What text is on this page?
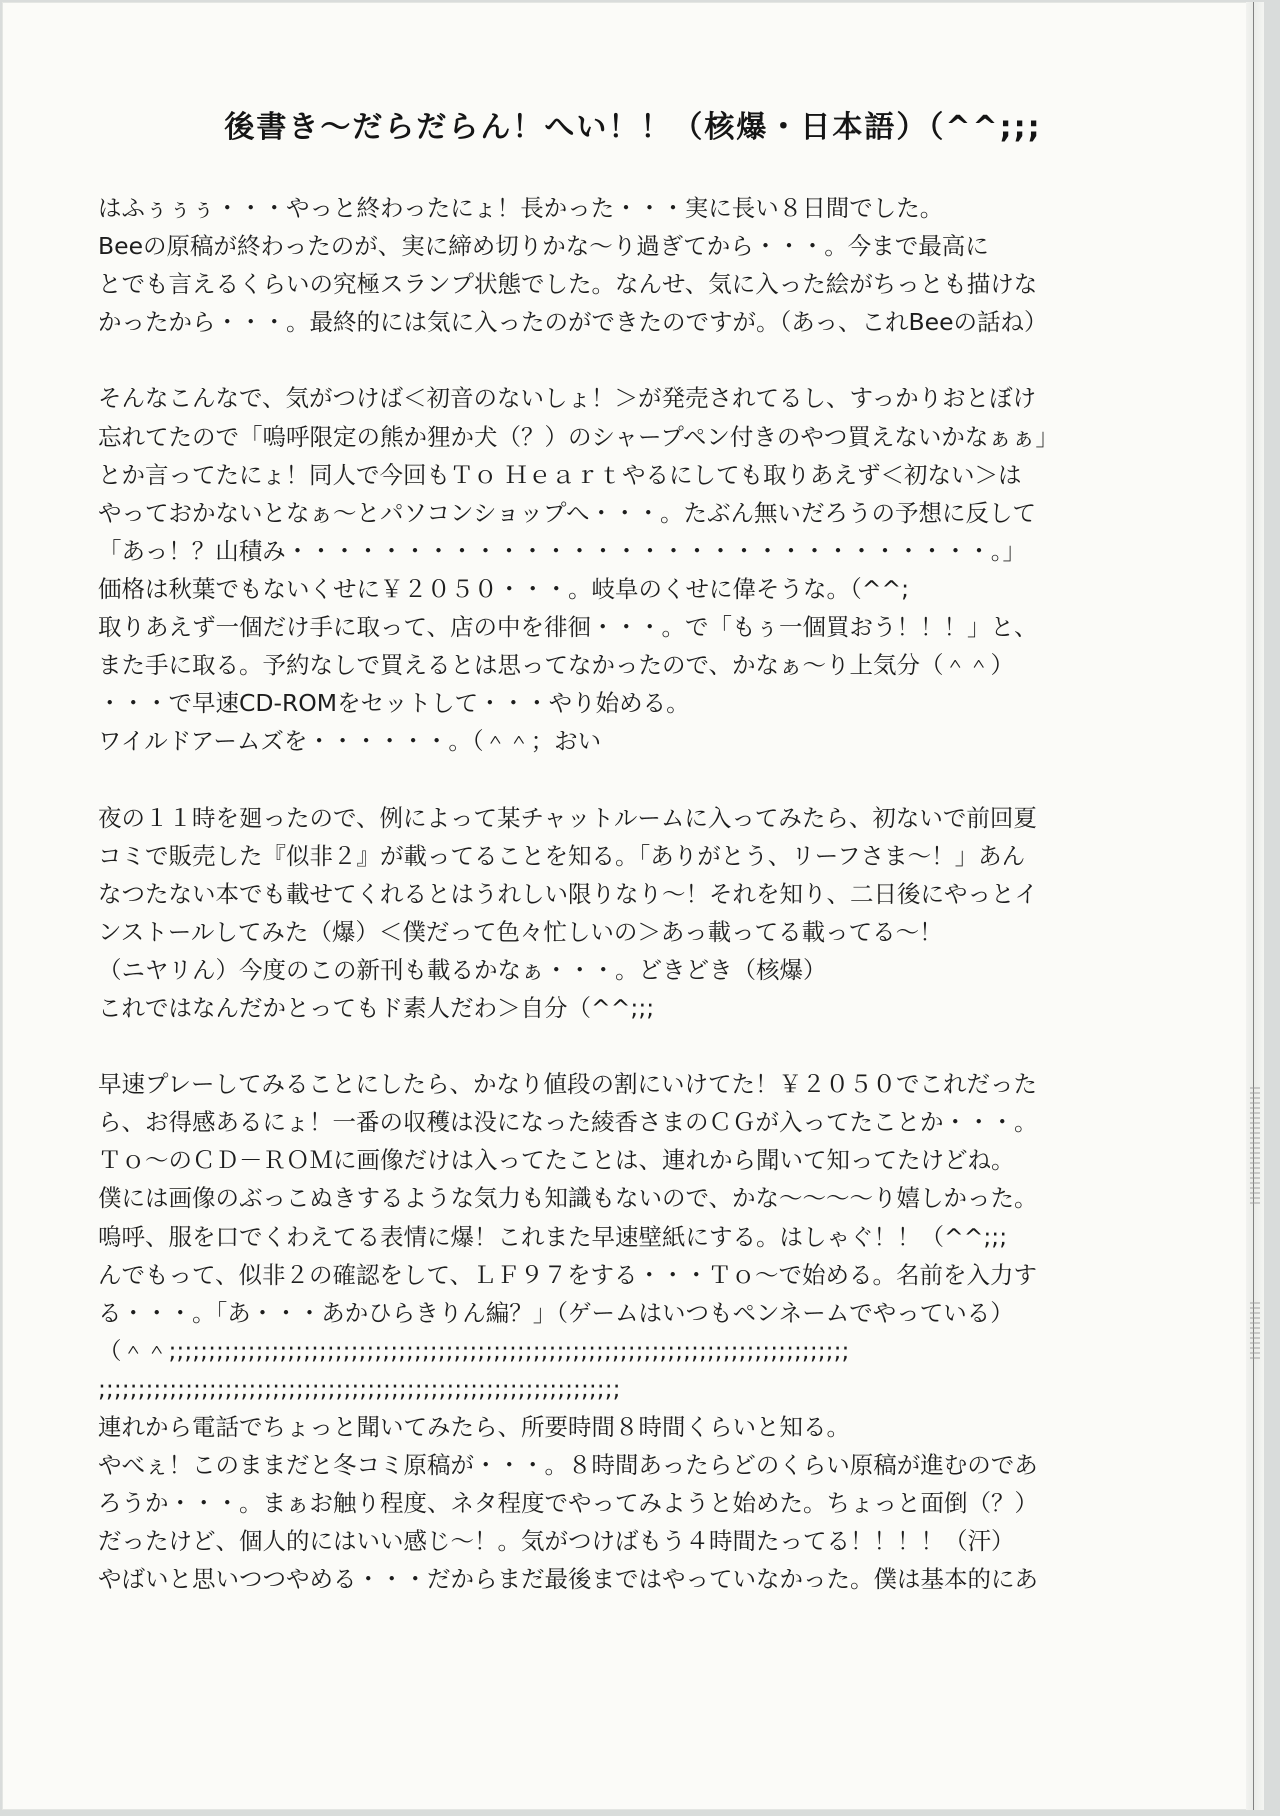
後書き～だらだらん！へい！！（核爆・日本語）（^^;;;
はふぅぅぅ・・・やっと終わったにょ！長かった・・・実に長い８日間でした。
Beeの原稿が終わったのが、実に締め切りかな～り過ぎてから・・・。今まで最高に
とでも言えるくらいの究極スランプ状態でした。なんせ、気に入った絵がちっとも描けな
かったから・・・。最終的には気に入ったのができたのですが。（あっ、これBeeの話ね）
そんなこんなで、気がつけば＜初音のないしょ！＞が発売されてるし、すっかりおとぼけ
忘れてたので「嗚呼限定の熊か狸か犬（？）のシャープペン付きのやつ買えないかなぁぁ」
とか言ってたにょ！同人で今回もＴｏ Ｈｅａｒｔやるにしても取りあえず＜初ない＞は
やっておかないとなぁ～とパソコンショップへ・・・。たぶん無いだろうの予想に反して
「あっ！？山積み・・・・・・・・・・・・・・・・・・・・・・・・・・・・・・。」
価格は秋葉でもないくせに￥２０５０・・・。岐阜のくせに偉そうな。（^^;
取りあえず一個だけ手に取って、店の中を徘徊・・・。で「もぅ一個買おう！！！」と、
また手に取る。予約なしで買えるとは思ってなかったので、かなぁ～り上気分（＾＾）
・・・で早速CD-ROMをセットして・・・やり始める。
ワイルドアームズを・・・・・・。（＾＾；おい
夜の１１時を廻ったので、例によって某チャットルームに入ってみたら、初ないで前回夏
コミで販売した『似非２』が載ってることを知る。「ありがとう、リーフさま～！」あん
なつたない本でも載せてくれるとはうれしい限りなり～！それを知り、二日後にやっとイ
ンストールしてみた（爆）＜僕だって色々忙しいの＞あっ載ってる載ってる～！
（ニヤリん）今度のこの新刊も載るかなぁ・・・。どきどき（核爆）
これではなんだかとってもド素人だわ＞自分（^^;;;
早速プレーしてみることにしたら、かなり値段の割にいけてた！￥２０５０でこれだった
ら、お得感あるにょ！一番の収穫は没になった綾香さまのＣＧが入ってたことか・・・。
Ｔｏ～のＣＤ－ＲＯＭに画像だけは入ってたことは、連れから聞いて知ってたけどね。
僕には画像のぶっこぬきするような気力も知識もないので、かな～～～～り嬉しかった。
嗚呼、服を口でくわえてる表情に爆！これまた早速壁紙にする。はしゃぐ！！（^^;;;
んでもって、似非２の確認をして、ＬＦ９７をする・・・Ｔｏ～で始める。名前を入力す
る・・・。「あ・・・あかひらきりん編？」（ゲームはいつもペンネームでやっている）
（＾＾;;;;;;;;;;;;;;;;;;;;;;;;;;;;;;;;;;;;;;;;;;;;;;;;;;;;;;;;;;;;;;;;;;;;;;;;;;;;;;;;;;;;;;
;;;;;;;;;;;;;;;;;;;;;;;;;;;;;;;;;;;;;;;;;;;;;;;;;;;;;;;;;;;;;;;;;;
連れから電話でちょっと聞いてみたら、所要時間８時間くらいと知る。
やべぇ！このままだと冬コミ原稿が・・・。８時間あったらどのくらい原稿が進むのであ
ろうか・・・。まぁお触り程度、ネタ程度でやってみようと始めた。ちょっと面倒（？）
だったけど、個人的にはいい感じ～！。気がつけばもう４時間たってる！！！！（汗）
やばいと思いつつやめる・・・だからまだ最後まではやっていなかった。僕は基本的にあ
